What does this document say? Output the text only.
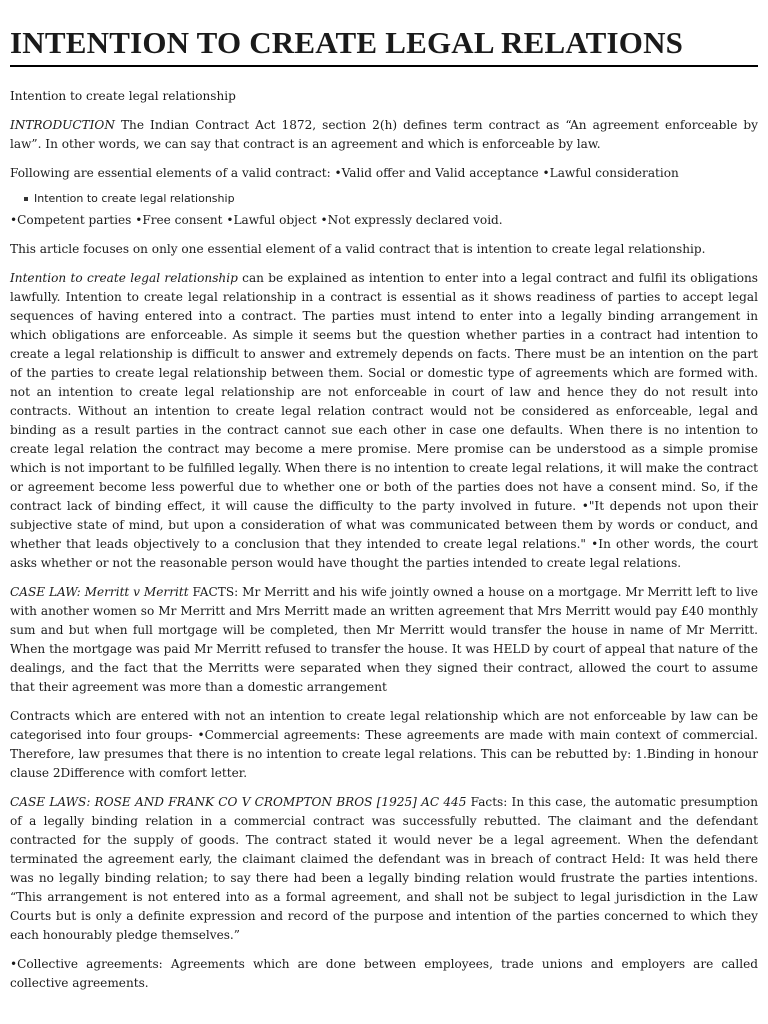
INTENTION TO CREATE LEGAL RELATIONS

Intention to create legal relationship

INTRODUCTION The Indian Contract Act 1872, section 2(h) defines term contract as “An agreement enforceable by law”. In other words, we can say that contract is an agreement and which is enforceable by law.

Following are essential elements of a valid contract: •Valid offer and Valid acceptance •Lawful consideration

Intention to create legal relationship

•Competent parties •Free consent •Lawful object •Not expressly declared void.

This article focuses on only one essential element of a valid contract that is intention to create legal relationship.

Intention to create legal relationship can be explained as intention to enter into a legal contract and fulfil its obligations lawfully. Intention to create legal relationship in a contract is essential as it shows readiness of parties to accept legal sequences of having entered into a contract. The parties must intend to enter into a legally binding arrangement in which obligations are enforceable. As simple it seems but the question whether parties in a contract had intention to create a legal relationship is difficult to answer and extremely depends on facts. There must be an intention on the part of the parties to create legal relationship between them. Social or domestic type of agreements which are formed with. not an intention to create legal relationship are not enforceable in court of law and hence they do not result into contracts. Without an intention to create legal relation contract would not be considered as enforceable, legal and binding as a result parties in the contract cannot sue each other in case one defaults. When there is no intention to create legal relation the contract may become a mere promise. Mere promise can be understood as a simple promise which is not important to be fulfilled legally. When there is no intention to create legal relations, it will make the contract or agreement become less powerful due to whether one or both of the parties does not have a consent mind. So, if the contract lack of binding effect, it will cause the difficulty to the party involved in future. •"It depends not upon their subjective state of mind, but upon a consideration of what was communicated between them by words or conduct, and whether that leads objectively to a conclusion that they intended to create legal relations." •In other words, the court asks whether or not the reasonable person would have thought the parties intended to create legal relations.

CASE LAW: Merritt v Merritt FACTS: Mr Merritt and his wife jointly owned a house on a mortgage. Mr Merritt left to live with another women so Mr Merritt and Mrs Merritt made an written agreement that Mrs Merritt would pay £40 monthly sum and but when full mortgage will be completed, then Mr Merritt would transfer the house in name of Mr Merritt. When the mortgage was paid Mr Merritt refused to transfer the house. It was HELD by court of appeal that nature of the dealings, and the fact that the Merritts were separated when they signed their contract, allowed the court to assume that their agreement was more than a domestic arrangement

Contracts which are entered with not an intention to create legal relationship which are not enforceable by law can be categorised into four groups- •Commercial agreements: These agreements are made with main context of commercial. Therefore, law presumes that there is no intention to create legal relations. This can be rebutted by: 1.Binding in honour clause 2Difference with comfort letter.

CASE LAWS: ROSE AND FRANK CO V CROMPTON BROS [1925] AC 445 Facts: In this case, the automatic presumption of a legally binding relation in a commercial contract was successfully rebutted. The claimant and the defendant contracted for the supply of goods. The contract stated it would never be a legal agreement. When the defendant terminated the agreement early, the claimant claimed the defendant was in breach of contract Held: It was held there was no legally binding relation; to say there had been a legally binding relation would frustrate the parties intentions. “This arrangement is not entered into as a formal agreement, and shall not be subject to legal jurisdiction in the Law Courts but is only a definite expression and record of the purpose and intention of the parties concerned to which they each honourably pledge themselves.”

•Collective agreements: Agreements which are done between employees, trade unions and employers are called collective agreements.
